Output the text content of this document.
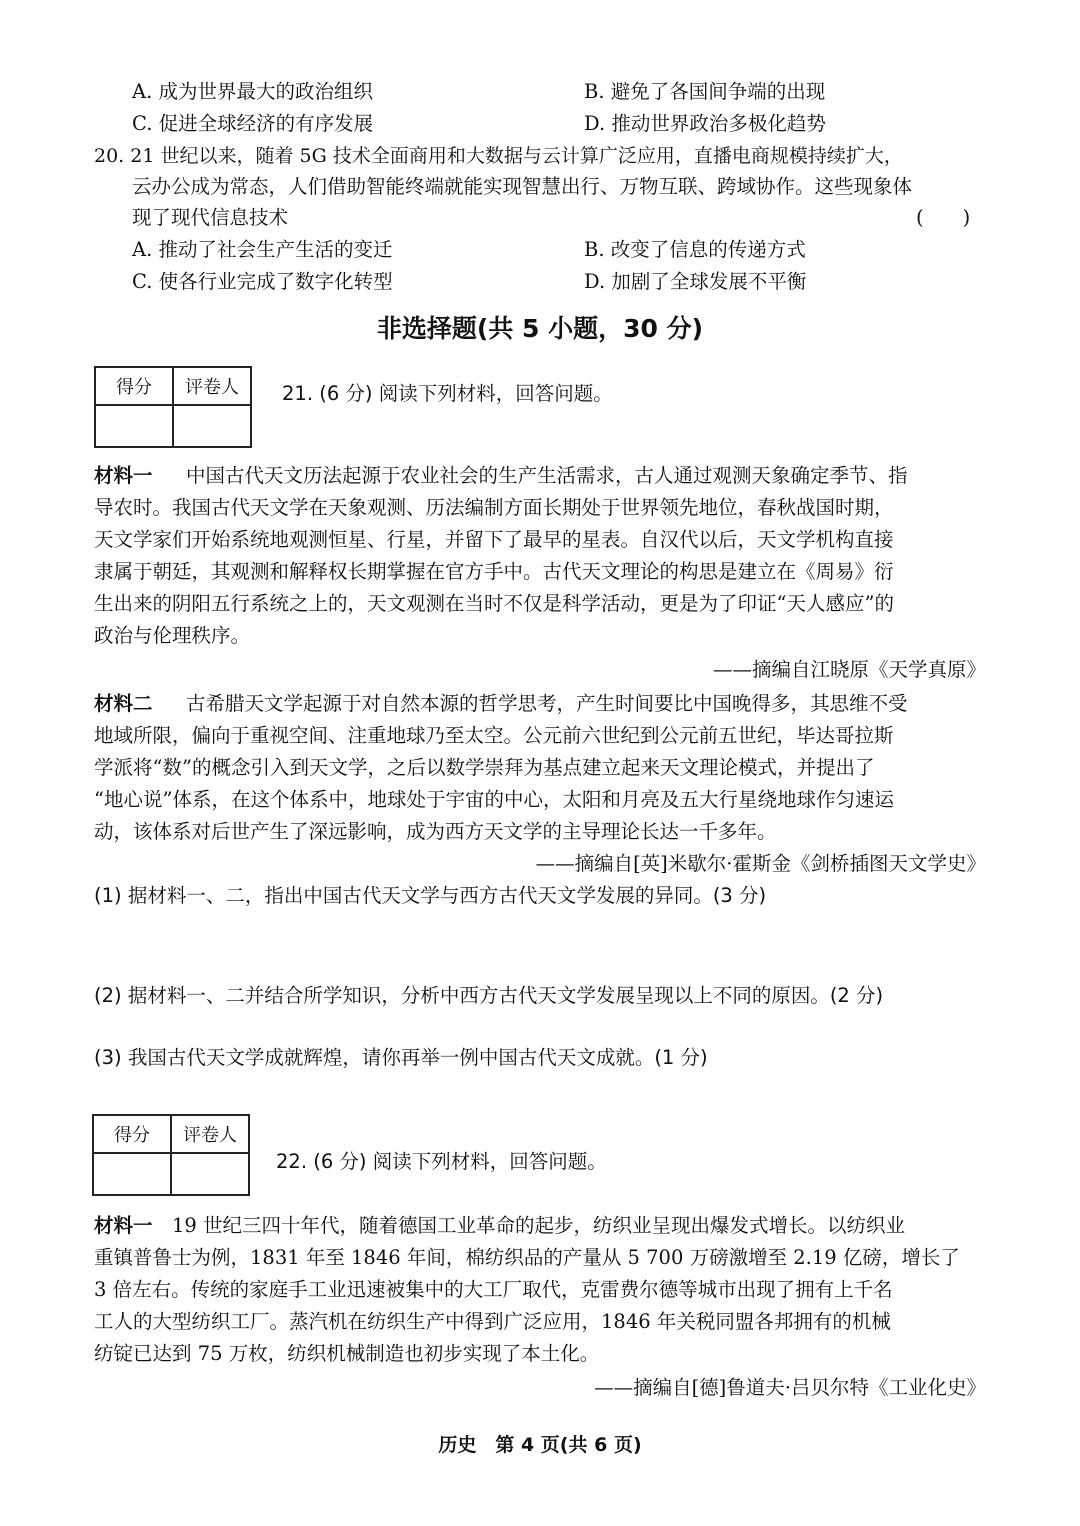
A. 成为世界最大的政治组织	B. 避免了各国间争端的出现
C. 促进全球经济的有序发展	D. 推动世界政治多极化趋势
20. 21 世纪以来，随着 5G 技术全面商用和大数据与云计算广泛应用，直播电商规模持续扩大，
云办公成为常态，人们借助智能终端就能实现智慧出行、万物互联、跨域协作。这些现象体
现了现代信息技术	(　　)
A. 推动了社会生产生活的变迁	B. 改变了信息的传递方式
C. 使各行业完成了数字化转型	D. 加剧了全球发展不平衡
非选择题(共 5 小题，30 分)
得分	评卷人
	21. (6 分) 阅读下列材料，回答问题。
材料一 中国古代天文历法起源于农业社会的生产生活需求，古人通过观测天象确定季节、指
导农时。我国古代天文学在天象观测、历法编制方面长期处于世界领先地位，春秋战国时期，
天文学家们开始系统地观测恒星、行星，并留下了最早的星表。自汉代以后，天文学机构直接
隶属于朝廷，其观测和解释权长期掌握在官方手中。古代天文理论的构思是建立在《周易》衍
生出来的阴阳五行系统之上的，天文观测在当时不仅是科学活动，更是为了印证“天人感应”的
政治与伦理秩序。
——摘编自江晓原《天学真原》
材料二 古希腊天文学起源于对自然本源的哲学思考，产生时间要比中国晚得多，其思维不受
地域所限，偏向于重视空间、注重地球乃至太空。公元前六世纪到公元前五世纪，毕达哥拉斯
学派将“数”的概念引入到天文学，之后以数学崇拜为基点建立起来天文理论模式，并提出了
“地心说”体系，在这个体系中，地球处于宇宙的中心，太阳和月亮及五大行星绕地球作匀速运
动，该体系对后世产生了深远影响，成为西方天文学的主导理论长达一千多年。
——摘编自[英]米歇尔·霍斯金《剑桥插图天文学史》
(1) 据材料一、二，指出中国古代天文学与西方古代天文学发展的异同。(3 分)
(2) 据材料一、二并结合所学知识，分析中西方古代天文学发展呈现以上不同的原因。(2 分)
(3) 我国古代天文学成就辉煌，请你再举一例中国古代天文成就。(1 分)
得分	评卷人

22. (6 分) 阅读下列材料，回答问题。
材料一 19 世纪三四十年代，随着德国工业革命的起步，纺织业呈现出爆发式增长。以纺织业
重镇普鲁士为例，1831 年至 1846 年间，棉纺织品的产量从 5 700 万磅激增至 2.19 亿磅，增长了
3 倍左右。传统的家庭手工业迅速被集中的大工厂取代，克雷费尔德等城市出现了拥有上千名
工人的大型纺织工厂。蒸汽机在纺织生产中得到广泛应用，1846 年关税同盟各邦拥有的机械
纺锭已达到 75 万枚，纺织机械制造也初步实现了本土化。
——摘编自[德]鲁道夫·吕贝尔特《工业化史》
历史　第 4 页(共 6 页)
